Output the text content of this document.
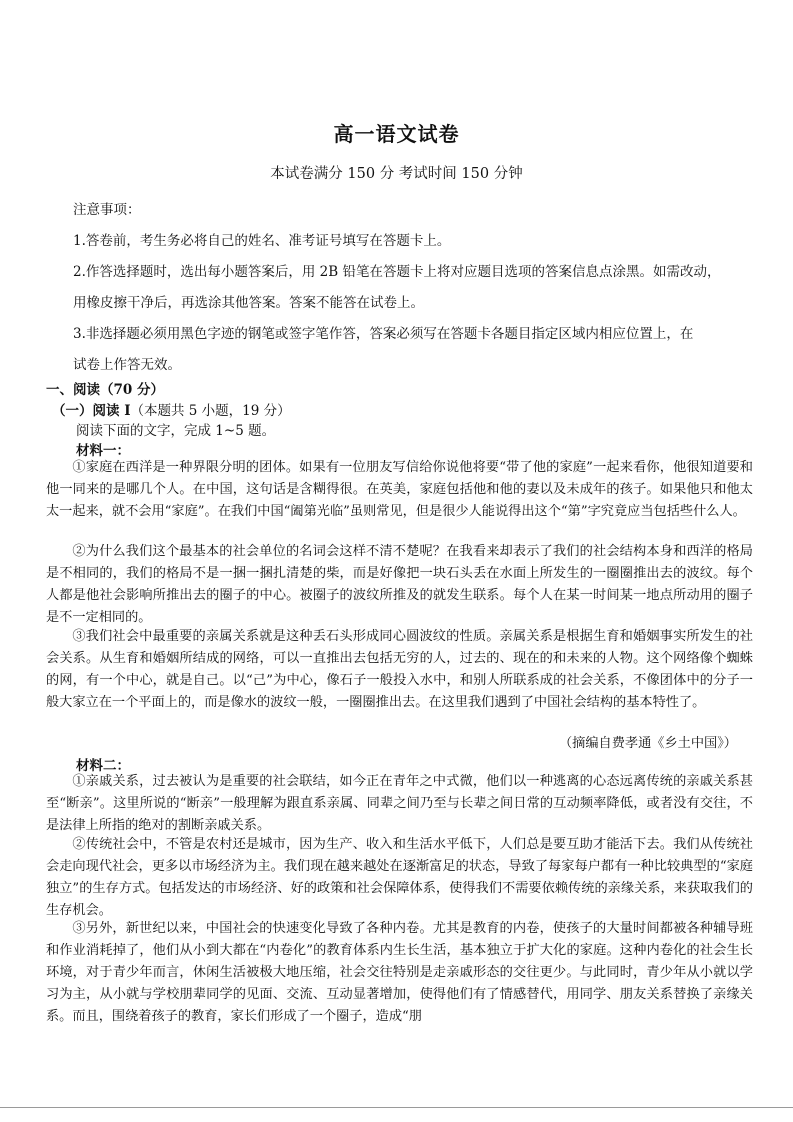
高一语文试卷
本试卷满分 150 分 考试时间 150 分钟
注意事项：
1.答卷前，考生务必将自己的姓名、准考证号填写在答题卡上。
2.作答选择题时，选出每小题答案后，用 2B 铅笔在答题卡上将对应题目选项的答案信息点涂黑。如需改动，
用橡皮擦干净后，再选涂其他答案。答案不能答在试卷上。
3.非选择题必须用黑色字迹的钢笔或签字笔作答，答案必须写在答题卡各题目指定区域内相应位置上，在
试卷上作答无效。
一、阅读（70 分）
（一）阅读 I（本题共 5 小题，19 分）
阅读下面的文字，完成 1~5 题。
材料一：

①家庭在西洋是一种界限分明的团体。如果有一位朋友写信给你说他将要“带了他的家庭”一起来看你，他很知道要和他一同来的是哪几个人。在中国，这句话是含糊得很。在英美，家庭包括他和他的妻以及未成年的孩子。如果他只和他太太一起来，就不会用“家庭”。在我们中国“阖第光临”虽则常见，但是很少人能说得出这个“第”字究竟应当包括些什么人。

②为什么我们这个最基本的社会单位的名词会这样不清不楚呢？在我看来却表示了我们的社会结构本身和西洋的格局是不相同的，我们的格局不是一捆一捆扎清楚的柴，而是好像把一块石头丢在水面上所发生的一圈圈推出去的波纹。每个人都是他社会影响所推出去的圈子的中心。被圈子的波纹所推及的就发生联系。每个人在某一时间某一地点所动用的圈子是不一定相同的。

③我们社会中最重要的亲属关系就是这种丢石头形成同心圆波纹的性质。亲属关系是根据生育和婚姻事实所发生的社会关系。从生育和婚姻所结成的网络，可以一直推出去包括无穷的人，过去的、现在的和未来的人物。这个网络像个蜘蛛的网，有一个中心，就是自己。以“己”为中心，像石子一般投入水中，和别人所联系成的社会关系，不像团体中的分子一般大家立在一个平面上的，而是像水的波纹一般，一圈圈推出去。在这里我们遇到了中国社会结构的基本特性了。

（摘编自费孝通《乡土中国》）
材料二：

①亲戚关系，过去被认为是重要的社会联结，如今正在青年之中式微，他们以一种逃离的心态远离传统的亲戚关系甚至“断亲”。这里所说的“断亲”一般理解为跟直系亲属、同辈之间乃至与长辈之间日常的互动频率降低，或者没有交往，不是法律上所指的绝对的割断亲戚关系。

②传统社会中，不管是农村还是城市，因为生产、收入和生活水平低下，人们总是要互助才能活下去。我们从传统社会走向现代社会，更多以市场经济为主。我们现在越来越处在逐渐富足的状态，导致了每家每户都有一种比较典型的“家庭独立”的生存方式。包括发达的市场经济、好的政策和社会保障体系，使得我们不需要依赖传统的亲缘关系，来获取我们的生存机会。

③另外，新世纪以来，中国社会的快速变化导致了各种内卷。尤其是教育的内卷，使孩子的大量时间都被各种辅导班和作业消耗掉了，他们从小到大都在“内卷化”的教育体系内生长生活，基本独立于扩大化的家庭。这种内卷化的社会生长环境，对于青少年而言，休闲生活被极大地压缩，社会交往特别是走亲戚形态的交往更少。与此同时，青少年从小就以学习为主，从小就与学校朋辈同学的见面、交流、互动显著增加，使得他们有了情感替代，用同学、朋友关系替换了亲缘关系。而且，围绕着孩子的教育，家长们形成了一个圈子，造成“朋
